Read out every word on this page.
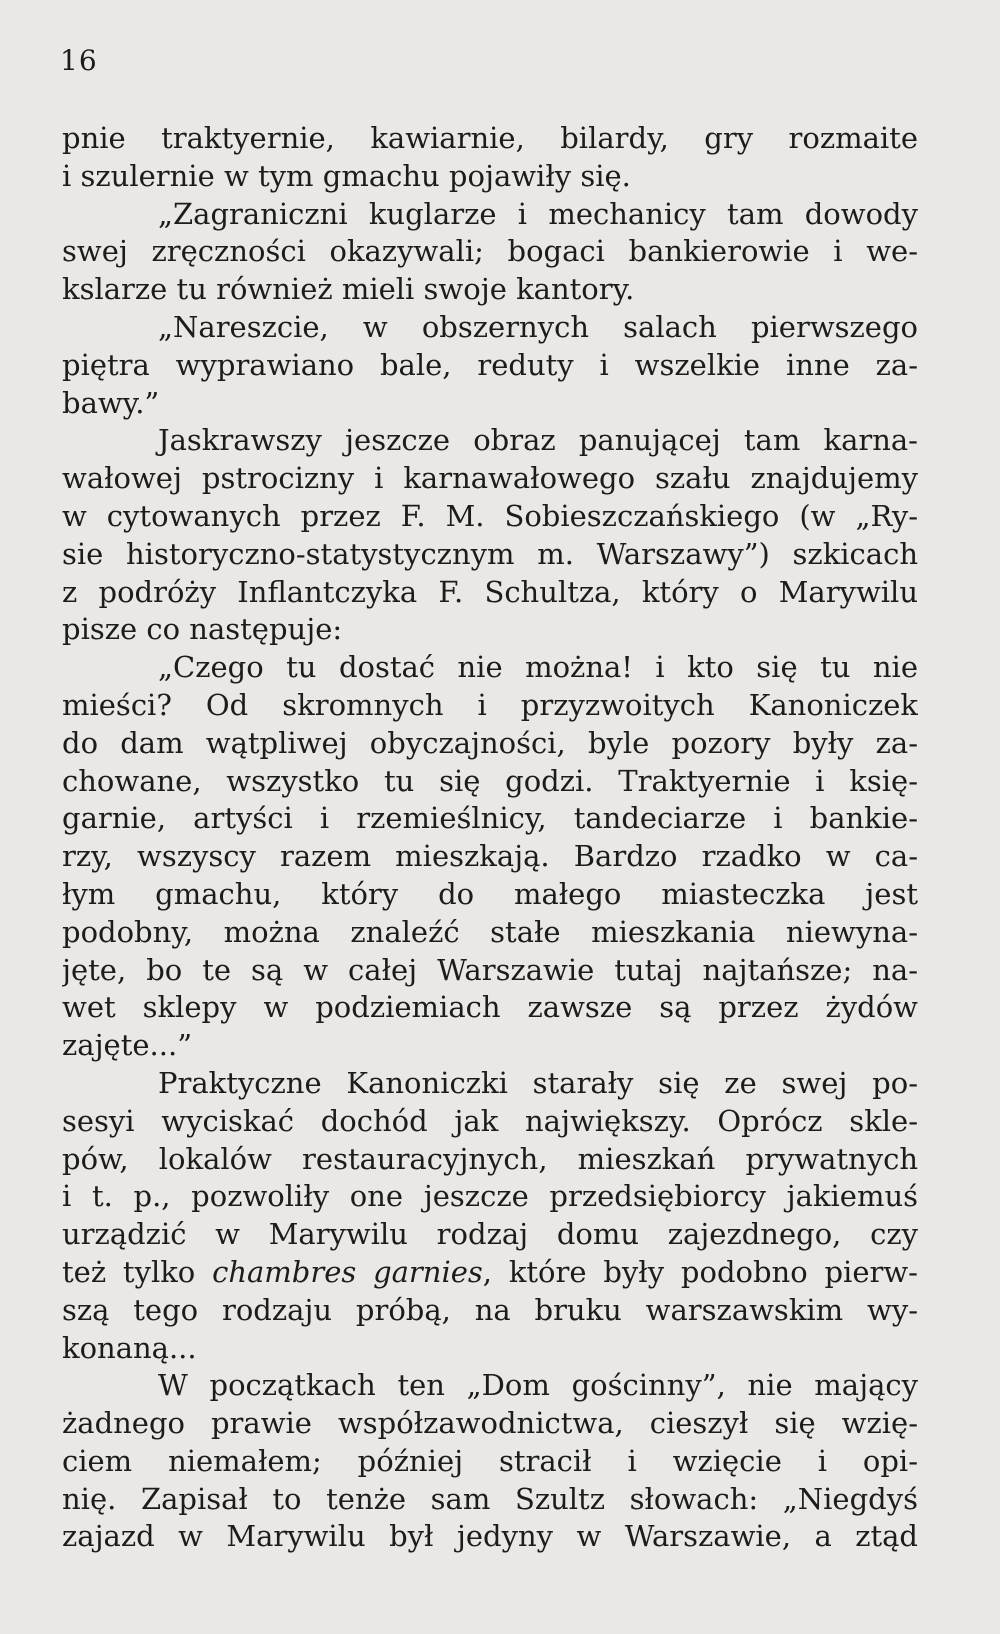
16
pnie traktyernie, kawiarnie, bilardy, gry rozmaite
i szulernie w tym gmachu pojawiły się.
„Zagraniczni kuglarze i mechanicy tam dowody
swej zręczności okazywali; bogaci bankierowie i we-
kslarze tu również mieli swoje kantory.
„Nareszcie, w obszernych salach pierwszego
piętra wyprawiano bale, reduty i wszelkie inne za-
bawy.”
Jaskrawszy jeszcze obraz panującej tam karna-
wałowej pstrocizny i karnawałowego szału znajdujemy
w cytowanych przez F. M. Sobieszczańskiego (w „Ry-
sie historyczno-statystycznym m. Warszawy”) szkicach
z podróży Inflantczyka F. Schultza, który o Marywilu
pisze co następuje:
„Czego tu dostać nie można! i kto się tu nie
mieści? Od skromnych i przyzwoitych Kanoniczek
do dam wątpliwej obyczajności, byle pozory były za-
chowane, wszystko tu się godzi. Traktyernie i księ-
garnie, artyści i rzemieślnicy, tandeciarze i bankie-
rzy, wszyscy razem mieszkają. Bardzo rzadko w ca-
łym gmachu, który do małego miasteczka jest
podobny, można znaleźć stałe mieszkania niewyna-
jęte, bo te są w całej Warszawie tutaj najtańsze; na-
wet sklepy w podziemiach zawsze są przez żydów
zajęte...”
Praktyczne Kanoniczki starały się ze swej po-
sesyi wyciskać dochód jak największy. Oprócz skle-
pów, lokalów restauracyjnych, mieszkań prywatnych
i t. p., pozwoliły one jeszcze przedsiębiorcy jakiemuś
urządzić w Marywilu rodzaj domu zajezdnego, czy
też tylko chambres garnies, które były podobno pierw-
szą tego rodzaju próbą, na bruku warszawskim wy-
konaną...
W początkach ten „Dom gościnny”, nie mający
żadnego prawie współzawodnictwa, cieszył się wzię-
ciem niemałem; później stracił i wzięcie i opi-
nię. Zapisał to tenże sam Szultz słowach: „Niegdyś
zajazd w Marywilu był jedyny w Warszawie, a ztąd
